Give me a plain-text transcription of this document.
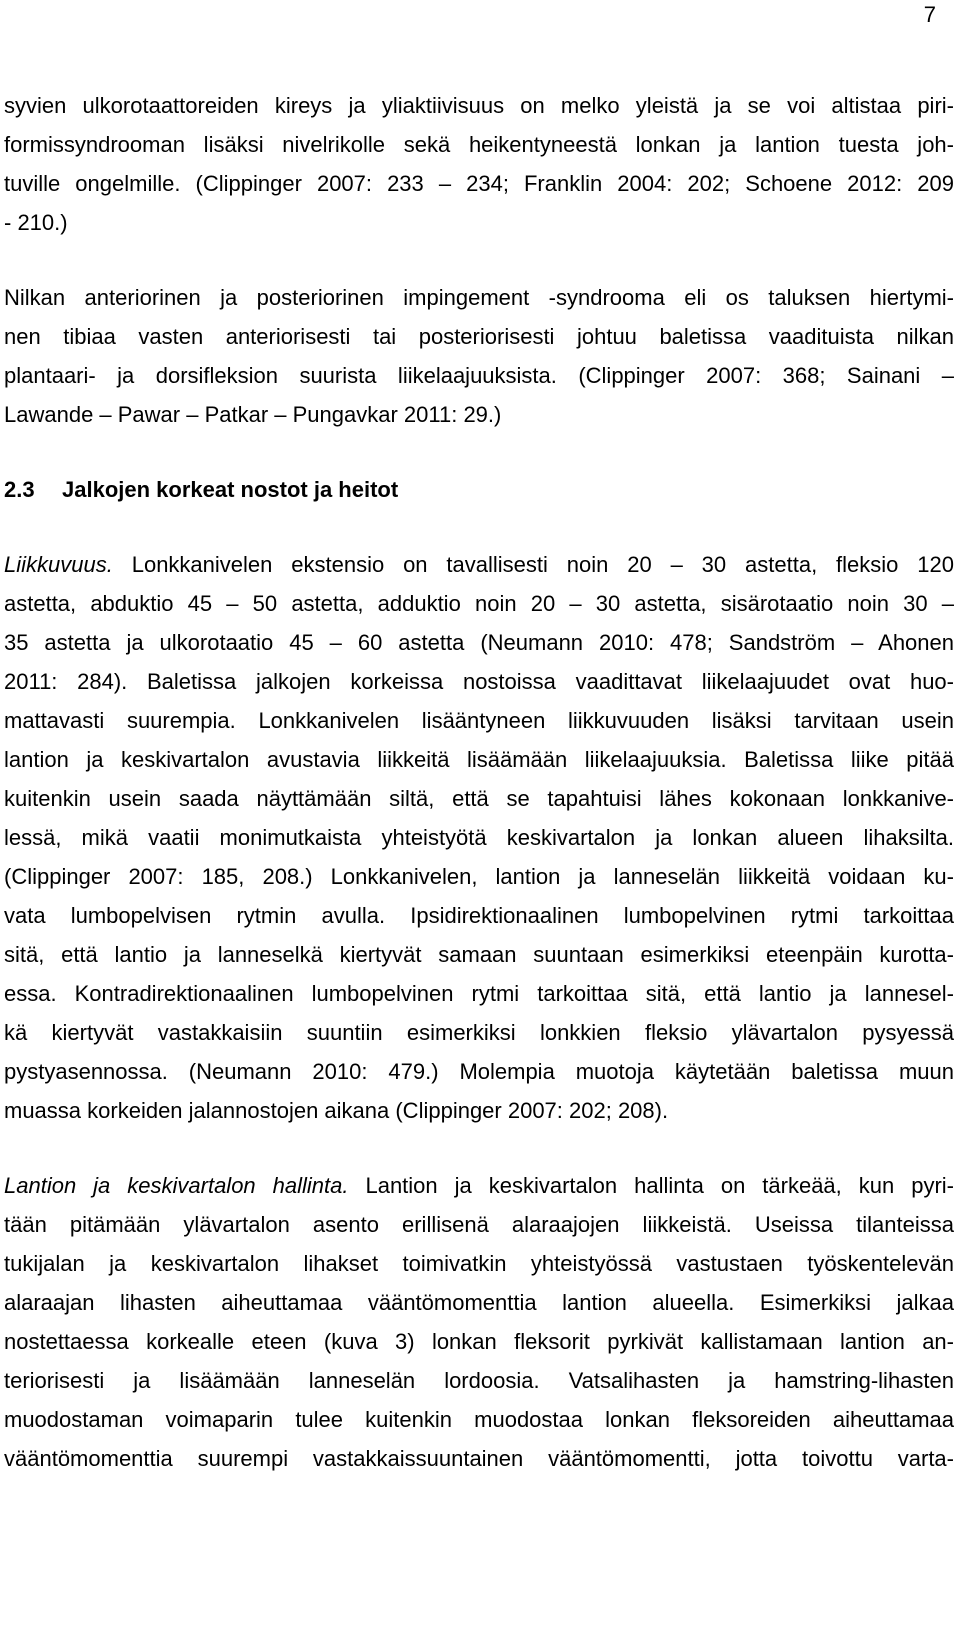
7

syvien ulkorotaattoreiden kireys ja yliaktiivisuus on melko yleistä ja se voi altistaa piri-
formissyndrooman lisäksi nivelrikolle sekä heikentyneestä lonkan ja lantion tuesta joh-
tuville ongelmille. (Clippinger 2007: 233 – 234; Franklin 2004: 202; Schoene 2012: 209
- 210.)

Nilkan anteriorinen ja posteriorinen impingement -syndrooma eli os taluksen hiertymi-
nen tibiaa vasten anteriorisesti tai posteriorisesti johtuu baletissa vaadituista nilkan
plantaari- ja dorsifleksion suurista liikelaajuuksista. (Clippinger 2007: 368; Sainani –
Lawande – Pawar – Patkar – Pungavkar 2011: 29.)

2.3 Jalkojen korkeat nostot ja heitot

Liikkuvuus. Lonkkanivelen ekstensio on tavallisesti noin 20 – 30 astetta, fleksio 120
astetta, abduktio 45 – 50 astetta, adduktio noin 20 – 30 astetta, sisärotaatio noin 30 –
35 astetta ja ulkorotaatio 45 – 60 astetta (Neumann 2010: 478; Sandström – Ahonen
2011: 284). Baletissa jalkojen korkeissa nostoissa vaadittavat liikelaajuudet ovat huo-
mattavasti suurempia. Lonkkanivelen lisääntyneen liikkuvuuden lisäksi tarvitaan usein
lantion ja keskivartalon avustavia liikkeitä lisäämään liikelaajuuksia. Baletissa liike pitää
kuitenkin usein saada näyttämään siltä, että se tapahtuisi lähes kokonaan lonkkanive-
lessä, mikä vaatii monimutkaista yhteistyötä keskivartalon ja lonkan alueen lihaksilta.
(Clippinger 2007: 185, 208.) Lonkkanivelen, lantion ja lanneselän liikkeitä voidaan ku-
vata lumbopelvisen rytmin avulla. Ipsidirektionaalinen lumbopelvinen rytmi tarkoittaa
sitä, että lantio ja lanneselkä kiertyvät samaan suuntaan esimerkiksi eteenpäin kurotta-
essa. Kontradirektionaalinen lumbopelvinen rytmi tarkoittaa sitä, että lantio ja lannesel-
kä kiertyvät vastakkaisiin suuntiin esimerkiksi lonkkien fleksio ylävartalon pysyessä
pystyasennossa. (Neumann 2010: 479.) Molempia muotoja käytetään baletissa muun
muassa korkeiden jalannostojen aikana (Clippinger 2007: 202; 208).

Lantion ja keskivartalon hallinta. Lantion ja keskivartalon hallinta on tärkeää, kun pyri-
tään pitämään ylävartalon asento erillisenä alaraajojen liikkeistä. Useissa tilanteissa
tukijalan ja keskivartalon lihakset toimivatkin yhteistyössä vastustaen työskentelevän
alaraajan lihasten aiheuttamaa vääntömomenttia lantion alueella. Esimerkiksi jalkaa
nostettaessa korkealle eteen (kuva 3) lonkan fleksorit pyrkivät kallistamaan lantion an-
teriorisesti ja lisäämään lanneselän lordoosia. Vatsalihasten ja hamstring-lihasten
muodostaman voimaparin tulee kuitenkin muodostaa lonkan fleksoreiden aiheuttamaa
vääntömomenttia suurempi vastakkaissuuntainen vääntömomentti, jotta toivottu varta-
